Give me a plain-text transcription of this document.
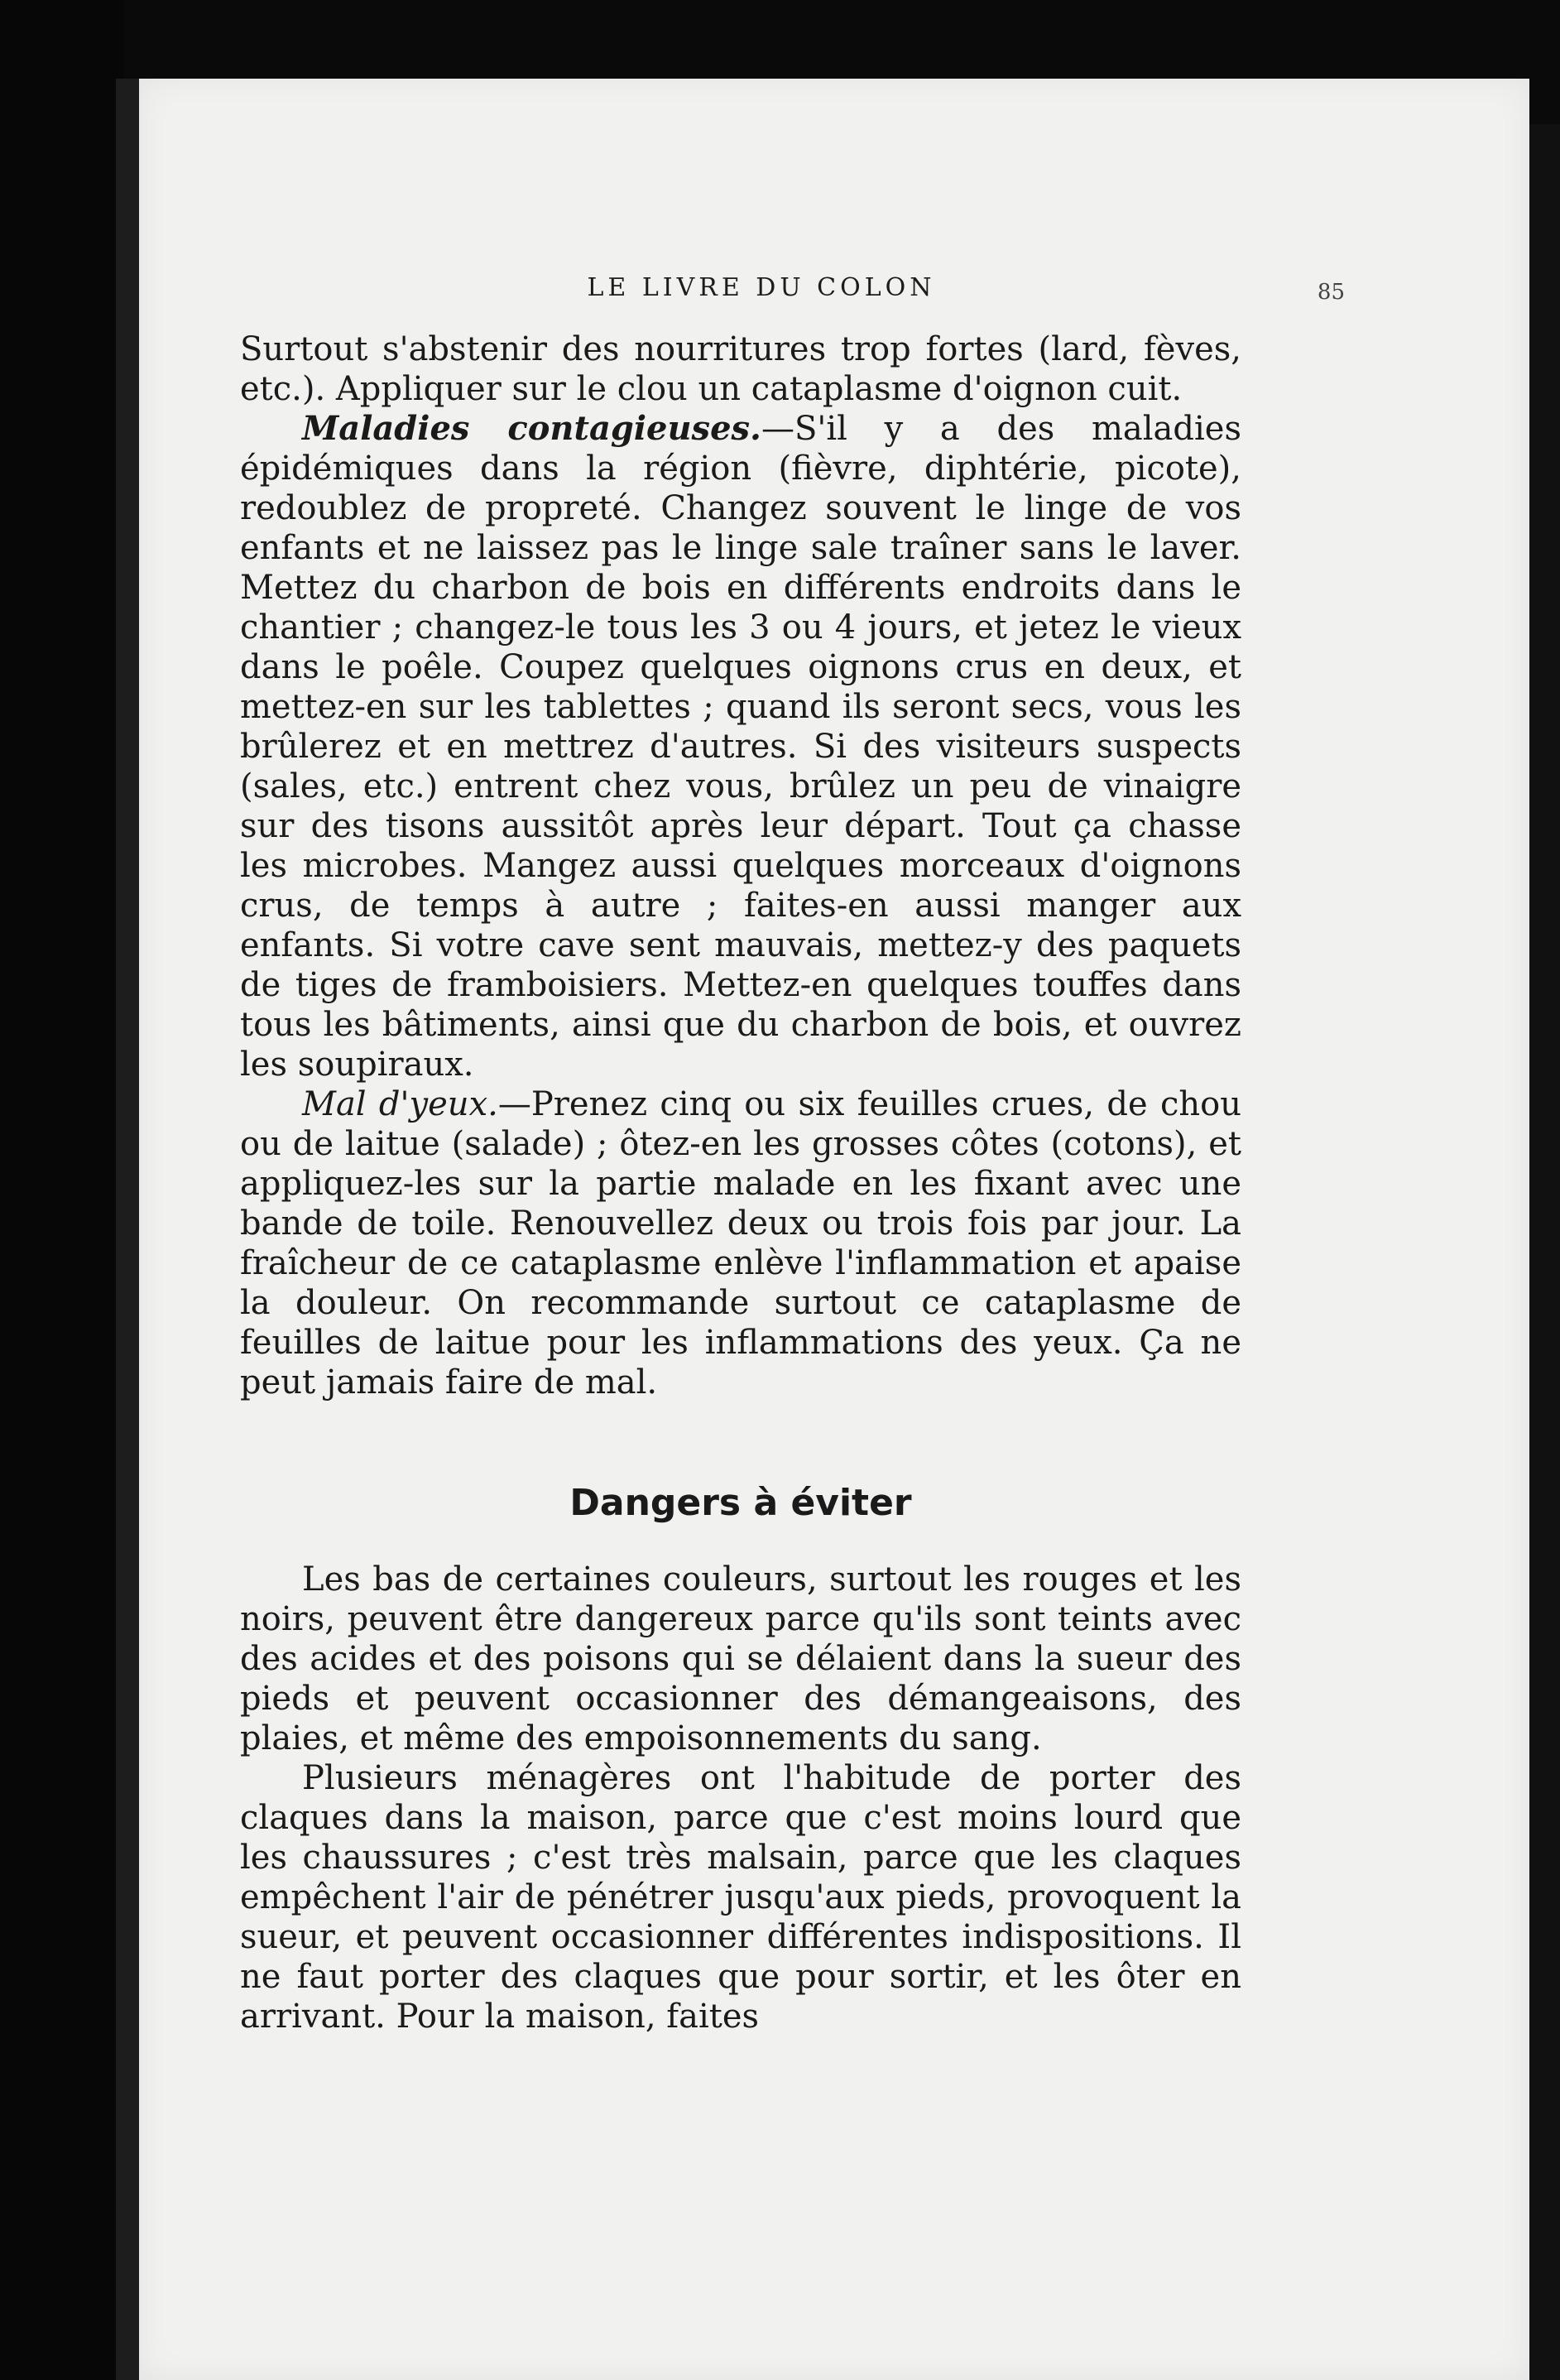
LE LIVRE DU COLON	85

Surtout s'abstenir des nourritures trop fortes (lard, fèves, etc.). Appliquer sur le clou un cataplasme d'oignon cuit.

Maladies contagieuses.—S'il y a des maladies épidémiques dans la région (fièvre, diphtérie, picote), redoublez de propreté. Changez souvent le linge de vos enfants et ne laissez pas le linge sale traîner sans le laver. Mettez du charbon de bois en différents endroits dans le chantier ; changez-le tous les 3 ou 4 jours, et jetez le vieux dans le poêle. Coupez quelques oignons crus en deux, et mettez-en sur les tablettes ; quand ils seront secs, vous les brûlerez et en mettrez d'autres. Si des visiteurs suspects (sales, etc.) entrent chez vous, brûlez un peu de vinaigre sur des tisons aussitôt après leur départ. Tout ça chasse les microbes. Mangez aussi quelques morceaux d'oignons crus, de temps à autre ; faites-en aussi manger aux enfants. Si votre cave sent mauvais, mettez-y des paquets de tiges de framboisiers. Mettez-en quelques touffes dans tous les bâtiments, ainsi que du charbon de bois, et ouvrez les soupiraux.

Mal d'yeux.—Prenez cinq ou six feuilles crues, de chou ou de laitue (salade) ; ôtez-en les grosses côtes (cotons), et appliquez-les sur la partie malade en les fixant avec une bande de toile. Renouvellez deux ou trois fois par jour. La fraîcheur de ce cataplasme enlève l'inflammation et apaise la douleur. On recommande surtout ce cataplasme de feuilles de laitue pour les inflammations des yeux. Ça ne peut jamais faire de mal.

Dangers à éviter

Les bas de certaines couleurs, surtout les rouges et les noirs, peuvent être dangereux parce qu'ils sont teints avec des acides et des poisons qui se délaient dans la sueur des pieds et peuvent occasionner des démangeaisons, des plaies, et même des empoisonnements du sang.

Plusieurs ménagères ont l'habitude de porter des claques dans la maison, parce que c'est moins lourd que les chaussures ; c'est très malsain, parce que les claques empêchent l'air de pénétrer jusqu'aux pieds, provoquent la sueur, et peuvent occasionner différentes indispositions. Il ne faut porter des claques que pour sortir, et les ôter en arrivant. Pour la maison, faites
